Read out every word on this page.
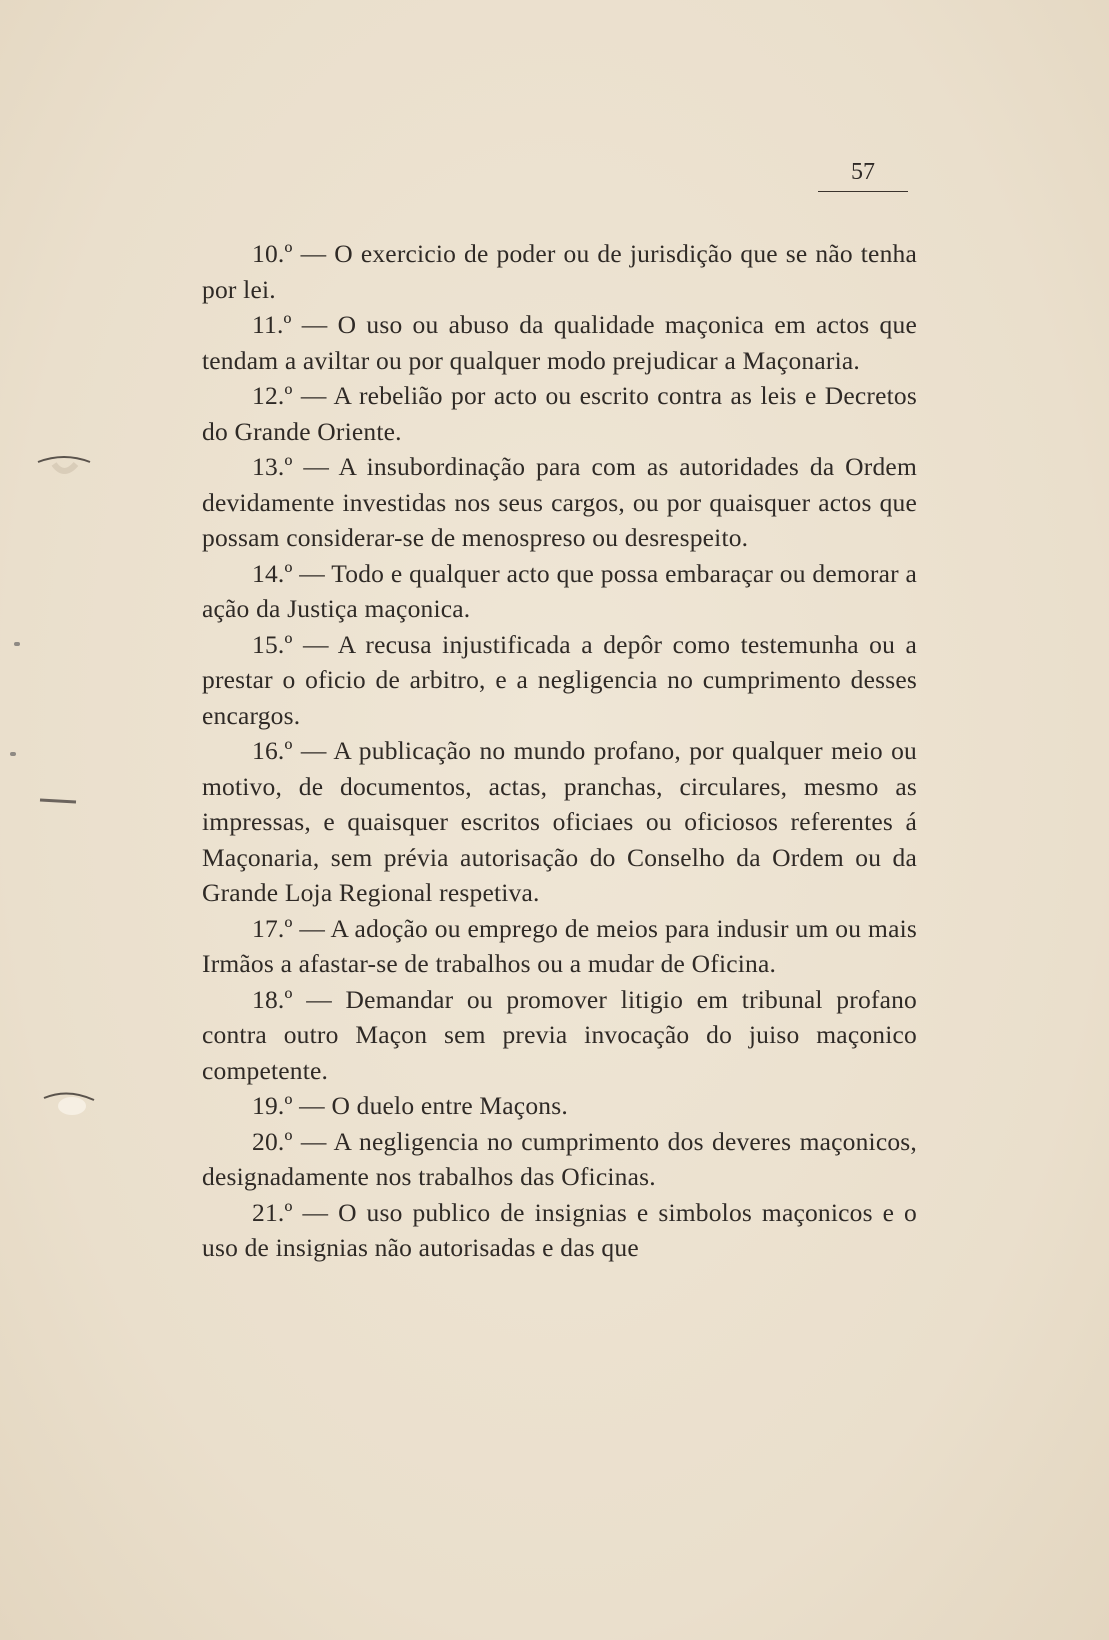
57

10.º — O exercicio de poder ou de jurisdição que se não tenha por lei.

11.º — O uso ou abuso da qualidade maçonica em actos que tendam a aviltar ou por qualquer modo prejudicar a Maçonaria.

12.º — A rebelião por acto ou escrito contra as leis e Decretos do Grande Oriente.

13.º — A insubordinação para com as autoridades da Ordem devidamente investidas nos seus cargos, ou por quaisquer actos que possam considerar-se de menospreso ou desrespeito.

14.º — Todo e qualquer acto que possa embaraçar ou demorar a ação da Justiça maçonica.

15.º — A recusa injustificada a depôr como testemunha ou a prestar o oficio de arbitro, e a negligencia no cumprimento desses encargos.

16.º — A publicação no mundo profano, por qualquer meio ou motivo, de documentos, actas, pranchas, circulares, mesmo as impressas, e quaisquer escritos oficiaes ou oficiosos referentes á Maçonaria, sem prévia autorisação do Conselho da Ordem ou da Grande Loja Regional respetiva.

17.º — A adoção ou emprego de meios para indusir um ou mais Irmãos a afastar-se de trabalhos ou a mudar de Oficina.

18.º — Demandar ou promover litigio em tribunal profano contra outro Maçon sem previa invocação do juiso maçonico competente.

19.º — O duelo entre Maçons.

20.º — A negligencia no cumprimento dos deveres maçonicos, designadamente nos trabalhos das Oficinas.

21.º — O uso publico de insignias e simbolos maçonicos e o uso de insignias não autorisadas e das que
